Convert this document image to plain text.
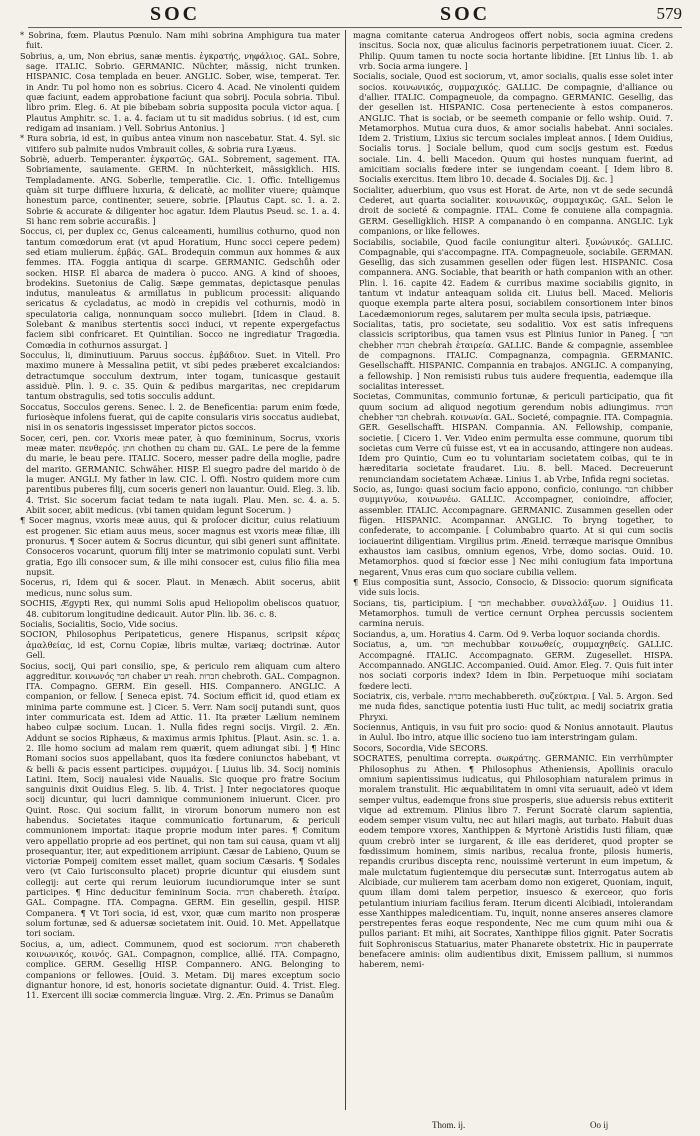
SOC	SOC	579

* Sobrina, fœm. Plautus Pœnulo. Nam mihi sobrina Amphigura tua mater fuit.

Sobrius, a, um, Non ebrius, sanæ mentis. ἐγκρατής, νηφάλιος. GAL. Sobre, sage. ITALIC. Sobrio. GERMANIC. Nüchter, mässig, nicht trunken. HISPANIC. Cosa templada en beuer. ANGLIC. Sober, wise, temperat. Ter. in Andr. Tu pol homo non es sobrius. Cicero 4. Acad. Ne vinolenti quidem quæ faciunt, eadem approbatione faciunt qua sobrij. Pocula sobria. Tibul. libro prim. Eleg. 6. At pie bibebam sobria supposita pocula victor aqua. [ Plautus Amphitr. sc. 1. a. 4. faciam ut tu sit madidus sobrius. ( id est, cum redigam ad insaniam. ) Vell. Sobrius Antonius. ]

* Rura sobria, id est, in quibus antea vinum non nascebatur. Stat. 4. Syl. sic vitifero sub palmite nudos Vmbrauit colles, & sobria rura Lyæus.

Sobriè, aduerb. Temperanter. ἐγκρατῶς. GAL. Sobrement, sagement. ITA. Sobriamente, sauiamente. GERM. In nüchterkeit, mässigklich. HIS. Templadamente. ANG. Soberlie, temperatlie. Cic. 1. Offic. Intelligemus quàm sit turpe diffluere luxuria, & delicatè, ac molliter viuere; quàmque honestum parce, continenter, seuere, sobrie. [Plautus Capt. sc. 1. a. 2. Sobrie & accurate & diligenter hoc agatur. Idem Plautus Pseud. sc. 1. a. 4. Si hanc rem sobrie accuraßis. ]

Soccus, ci, per duplex cc, Genus calceamenti, humilius cothurno, quod non tantum comœdorum erat (vt apud Horatium, Hunc socci cepere pedem) sed etiam mulierum. ἐμβάς. GAL. Brodequin commun aux hommes & aux femmes. ITA. Foggia antiqua di scarpe. GERMANIC. Gedschůh oder socken. HISP. El abarca de madera ò pucco. ANG. A kind of shooes, brodekins. Suetonius de Calig. Sæpe gemmatas, depictasque penulas indutus, manuleatus & armillatus in publicum processit: aliquando sericatus & cycladatus, ac modò in crepidis vel cothurnis, modò in speculatoria caliga, nonnunquam socco muliebri. [Idem in Claud. 8. Solebant & manibus stertentis socci induci, vt repente expergefactus faciem sibi confricaret. Et Quintilian. Socco ne ingrediatur Tragœdia. Comœdia in cothurnos assurgat. ]

Socculus, li, diminutiuum. Paruus soccus. ἐμβάδιον. Suet. in Vitell. Pro maximo munere à Messalina petiit, vt sibi pedes præberet excalciandos: detractumque socculum dextrum, inter togam, tunicasque gestauit assiduè. Plin. l. 9. c. 35. Quin & pedibus margaritas, nec crepidarum tantum obstragulis, sed totis socculis addunt.

Soccatus, Socculos gerens. Senec. l. 2. de Beneficentia: parum enim fœde, furiosèque infolens fuerat, qui de capite consularis viris soccatus audiebat, nisi in os senatoris ingessisset imperator pictos soccos.

Socer, ceri, pen. cor. Vxoris meæ pater, à quo fœmininum, Socrus, vxoris meæ mater. πενθερός. חתן chothen עם cham עם. GAL. Le pere de la femme du marie, le beau pere. ITALIC. Socero, messer padre della moglie, padre del marito. GERMANIC. Schwäher. HISP. El suegro padre del marido ò de la muger. ANGLI. My father in law. CIC. l. Offi. Nostro quidem more cum parentibus puberes filij, cum soceris generi non lauantur. Ouid. Eleg. 3. lib. 4. Trist. Sic socerum faciat tedam te nata iugali. Plau. Men. sc. 4. a. 5. Abiit socer, abiit medicus. (vbi tamen quidam legunt Socerum. )

¶ Socer magnus, vxoris meæ auus, qui & proſocer dicitur, cuius relatiuum est progener. Sic etiam auus meus, socer magnus est vxoris meæ filiæ, illi pronurus. ¶ Socer autem & Socrus dicuntur, qui sibi generi sunt affinitate. Consoceros vocarunt, quorum filij inter se matrimonio copulati sunt. Verbi gratia, Ego illi consocer sum, & ille mihi consocer est, cuius filio filia mea nupsit.

Socerus, ri, Idem qui & socer. Plaut. in Menæch. Abiit socerus, abiit medicus, nunc solus sum.

SOCHIS, Ægypti Rex, qui nummi Solis apud Heliopolim obeliscos quatuor, 48. cubitorum longitudine dedicauit. Autor Plin. lib. 36. c. 8.

Socialis, Socialitis, Socio, Vide socius.

SOCION, Philosophus Peripateticus, genere Hispanus, scripsit κέρας ἀμαλθείας, id est, Cornu Copiæ, libris multæ, variæq; doctrinæ. Autor Gell.

Socius, socij, Qui pari consilio, spe, & periculo rem aliquam cum altero aggreditur. κοινωνός חבר chaber רע reah. חברות chebroth. GAL. Compagnon. ITA. Compagno. GERM. Ein gesell. HIS. Compannero. ANGLIC. A companion, or fellow. [ Seneca epist. 74. Socium efficit id, quod etiam ex minima parte commune est. ] Cicer. 5. Verr. Nam socij putandi sunt, quos inter commuricata est. Idem ad Attic. 11. Ita præter Lælium neminem habeo culpæ socium. Lucan. 1. Nulla fides regni socijs. Virgil. 2. Æn. Addunt se socios Riphæus, & maximus armis Iphitus. [Plaut. Asin. sc. 1. a. 2. Ille homo socium ad malam rem quærit, quem adiungat sibi. ] ¶ Hinc Romani socios suos appellabant, quos ita fœdere coniunctos habebant, vt & belli & pacis essent participes. συμμάχοι. [ Liuius lib. 34. Socij nominis Latini. Item, Socij naualesi vide Naualis. Sic quoque pro fratre Socium sanguinis dixit Ouidius Eleg. 5. lib. 4. Trist. ] Inter negociatores quoque socij dicuntur, qui lucri damnique communionem iniuerunt. Cicer. pro Quint. Rosc. Qui socium fallit, in virorum bonorum numero non est habendus. Societates itaque communicatio fortunarum, & periculi communionem importat: itaque proprie modum inter pares. ¶ Comitum vero appellatio proprie ad eos pertinet, qui non tam sui causa, quam vt alij prosequantur, iter, aut expeditionem arripiunt. Cæsar de Labieno, Quum se victoriæ Pompeij comitem esset mallet, quam socium Cæsaris. ¶ Sodales vero (vt Caio Iurisconsulto placet) proprie dicuntur qui eiusdem sunt collegij: aut certe qui rerum leuiorum iucundiorumque inter se sunt participes. ¶ Hinc deducitur femininum Socia. חברה chabereth. ἑταίρα. GAL. Compagne. ITA. Compagna. GERM. Ein gesellin, gespil. HISP. Companera. ¶ Vt Tori socia, id est, vxor, quæ cum marito non prosperæ solum fortunæ, sed & aduersæ societatem init. Ouid. 10. Met. Appellatque tori sociam.

Socius, a, um, adiect. Communem, quod est sociorum. חברה chabereth κοινωνικός, κοινός. GAL. Compagnon, complice, allié. ITA. Compagno, complice. GERM. Gesellig HISP. Compannero. ANG. Belonging to companions or fellowes. [Ouid. 3. Metam. Dij mares exceptum socio dignantur honore, id est, honoris societate dignantur. Ouid. 4. Trist. Eleg. 11. Exercent illi sociæ commercia linguæ. Virg. 2. Æn. Primus se Danaûm

magna comitante caterua Androgeos offert nobis, socia agmina credens inscitus. Socia nox, quæ aliculus facinoris perpetrationem iuuat. Cicer. 2. Philip. Quum tamen tu nocte socia hortante libidine. [Et Linius lib. 1. ab vrb. Socia arma iungere. ]

Socialis, sociale, Quod est sociorum, vt, amor socialis, qualis esse solet inter socios. κοινωνικός, συμμαχικός. GALLIC. De compagnie, d'alliance ou d'allier. ITALIC. Compagneuole, da compagno. GERMANIC. Gesellig, das der gesellen ist. HISPANIC. Cosa perteneciente à estos companeros. ANGLIC. That is sociab, or be seemeth companie or fello wship. Ouid. 7. Metamorphos. Mutua cura duos, & amor socialis habebat. Anni sociales. Idem 2. Tristium, Lixius sic tercum sociales impleat annos. [ Idem Ouidius, Socialis torus. ] Sociale bellum, quod cum socijs gestum est. Fœdus sociale. Lin. 4. belli Macedon. Quum qui hostes nunquam fuerint, ad amicitiam socialis fœdere inter se iungendam coeant. [ Idem libro 8. Socialis exercitus. Item libro 10. decade 4. Sociales Dij. &c. ]

Socialiter, aduerbium, quo vsus est Horat. de Arte, non vt de sede secundâ Cederet, aut quarta socialiter. κοινωνικῶς, συμμαχικῶς. GAL. Selon le droit de societé & compagnie. ITAL. Come fe conuiene alla compagnia. GERM. Geselligklich. HISP. A companando ò en companna. ANGLIC. Lyk companions, or like fellowes.

Sociabilis, sociabile, Quod facile coniungitur alteri. ξυνώνικός. GALLIC. Compagnable, qui s'accompagne. ITA. Compagneuole, sociabile. GERMAN. Gesellig, das sich zusammen gesellen oder fügen lest. HISPANIC. Cosa compannera. ANG. Sociable, that bearith or hath companion with an other. Plin. l. 16. capite 42. Eadem & curribus maxime sociabilis gignito, in tantum vt indatur anteaquam solida cit. Liuius bell. Maced. Melioris quoque exempla parte altera posui, sociabilem consortionem inter binos Lacedæmoniorum reges, salutarem per multa secula ipsis, patriæque.

Socialitas, tatis, pro societate, seu sodalitio. Vox est satis infrequens classicis scriptoribus, qua tamen vsus est Plinius Iunior in Paneg. [ חבר chebher חברה chebrah ἑταιρεία. GALLIC. Bande & compagnie, assemblee de compagnons. ITALIC. Compagnanza, compagnia. GERMANIC. Gesellschafft. HISPANIC. Compannia en trabajos. ANGLIC. A companying, a fellowship. ] Non remisisti rubus tuis audere frequentia, eademque illa socialitas interesset.

Societas, Communitas, communio fortunæ, & periculi participatio, qua fit quum socium ad aliquod negotium gerendum nobis adiungimus. חברה chebher חבר chebrah. κοινωνία. GAL. Societé, compagnie. ITA. Compagnia. GER. Gesellschafft. HISPAN. Compannia. AN. Fellowship, companie, societie. [ Cicero 1. Ver. Video enim permulta esse commune, quorum tibi societas cum Verre cū fuisse est, vt ea in accusando, attingere non audeas. Idem pro Quintio, Cum eo tu voluntariam societatem coibas, qui te in hæreditaria societate fraudaret. Liu. 8. bell. Maced. Decreuerunt renunciandam societatem Achææ. Linius 1. ab Vrbe, Infida regni societas.

Socio, as, Iungo: quasi socium facio appono, conficio, coniungo. חבר chibber συμμιγνύω, κοινωνέω. GALLIC. Accompagner, conioindre, affocier, assembler. ITALIC. Accompagnare. GERMANIC. Zusammen gesellen oder fügen. HISPANIC. Acompannar. ANGLIC. To bryng together, to confederate, to accompanie. [ Columbabro quarto. At si qui cum sociis iociauerint diligentiam. Virgilius prim. Æneid. terræque marisque Omnibus exhaustos iam casibus, omnium egenos, Vrbe, domo socias. Ouid. 10. Metamorphos. quod si fœcior esse ] Nec mihi coniugium fata importuna negarent, Vnus eras cum quo sociare cubilia vellem.

¶ Eius compositia sunt, Associo, Consocio, & Dissocio: quorum significata vide suis locis.

Socians, tis, participium. [ חבר mechabber. συναλλάξων. ] Ouidius 11. Metamorphos. tumuli de vertice cernunt Orphea percussis socientem carmina neruis.

Sociandus, a, um. Horatius 4. Carm. Od 9. Verba loquor socianda chordis.

Sociatus, a, um. חבר mechubbar κοινωθείς, συμμαχηθείς. GALLIC. Accompagné. ITALIC. Accompagnato. GERM. Zugesellet. HISPA. Accompannado. ANGLIC. Accompanied. Ouid. Amor. Eleg. 7. Quis fuit inter nos sociati corporis index? Idem in Ibin. Perpetuoque mihi sociatam fœdere lecti.

Sociatrix, cis, verbale. מחברת mechabbereth. συζεύκτρια. [ Val. 5. Argon. Sed me nuda fides, sanctique potentia iusti Huc tulit, ac medij sociatrix gratia Phryxi.

Sociennus, Antiquis, in vsu fuit pro socio: quod & Nonius annotauit. Plautus in Aulul. Ibo intro, atque illic socieno tuo iam interstringam gulam.

Socors, Socordia, Vide SECORS.

SOCRATES, penultima correpta. σωκράτης. GERMANIC. Ein verrhümpter Philosophus zu Athen. ¶ Philosophus Atheniensis, Apollinis oraculo omnium sapientissimus iudicatus, qui Philosophiam naturalem primus in moralem transtulit. Hic æquabilitatem in omni vita seruauit, adeò vt idem semper vultus, eademque frons siue prosperis, siue aduersis rebus extiterit vique ad extremum. Plinius libro 7. Ferunt Socratè clarum sapientia, eodem semper visum vultu, nec aut hilari magis, aut turbato. Habuit duas eodem tempore vxores, Xanthippen & Myrtonè Aristidis Iusti filiam, quæ quum crebrò inter se iurgarent, & ille eas derideret, quod propter se fœdissimum hominem, simis naribus, recalua fronte, pilosis humeris, repandis cruribus discepta renc, nouissimè verterunt in eum impetum, & male mulctatum fugientemque diu persecutæ sunt. Interrogatus autem ab Alcibiade, cur mulierem tam acerbam domo non exigeret, Quoniam, inquit, quum illam domi talem perpetior, insuesco & exerceor, quo foris petulantium iniuriam facilius feram. Iterum dicenti Alcibiadi, intolerandam esse Xanthippes maledicentiam. Tu, inquit, nonne anseres anseres clamore perstrepentes feras eoque respondente, Nec me cum quum mihi oua & pullos pariant: Et mihi, ait Socrates, Xanthippe filios gignit. Pater Socratis fuit Sophroniscus Statuarius, mater Phanarete obstetrix. Hic in pauperrate benefacere aminis: olim audientibus dixit, Emissem pallium, si nummos haberem, nemi-

Thom. ij.	Oo ij
